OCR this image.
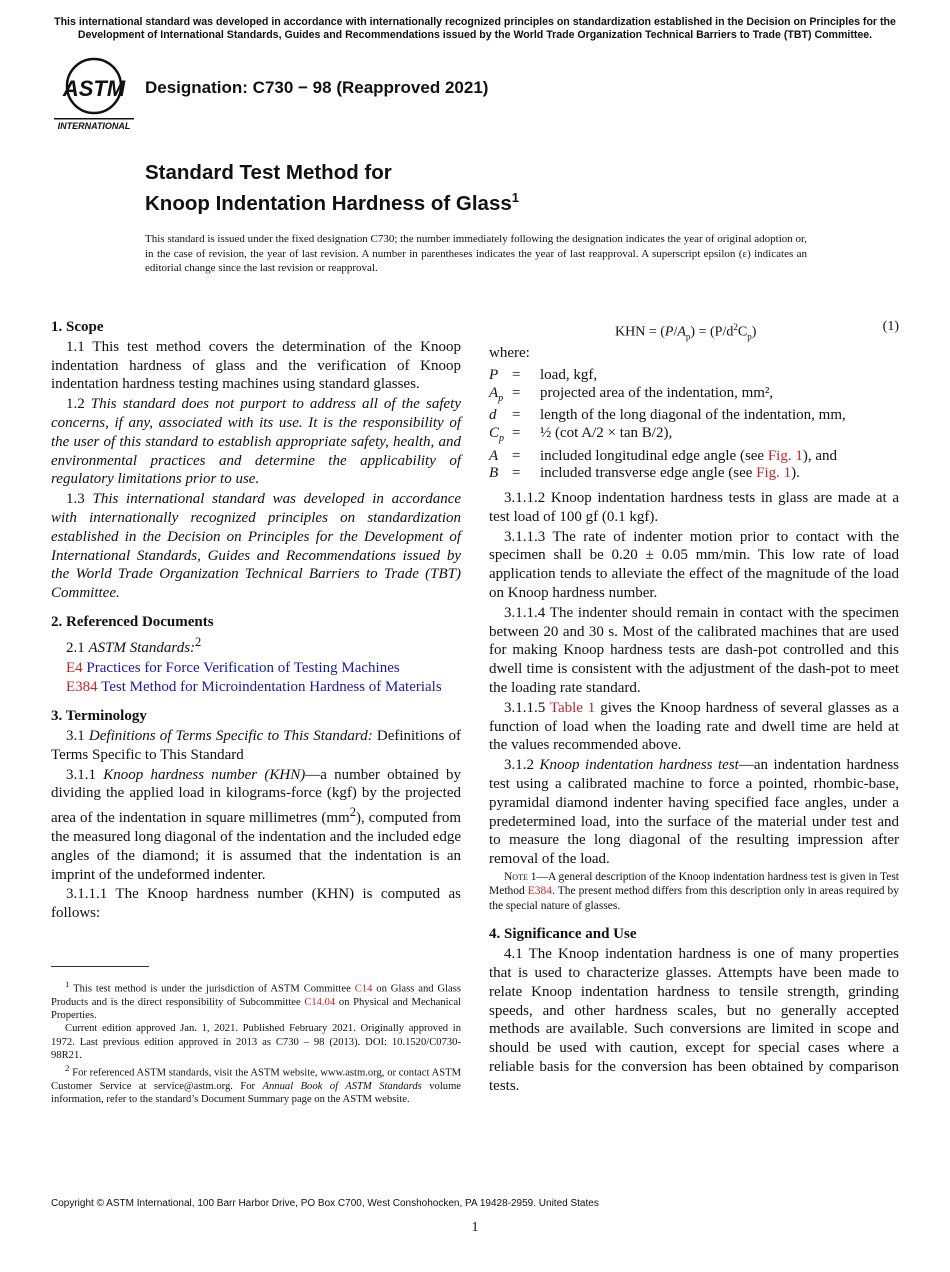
This international standard was developed in accordance with internationally recognized principles on standardization established in the Decision on Principles for the Development of International Standards, Guides and Recommendations issued by the World Trade Organization Technical Barriers to Trade (TBT) Committee.
ASTM
INTERNATIONAL
Designation: C730 − 98 (Reapproved 2021)
Standard Test Method for
Knoop Indentation Hardness of Glass$^1$
This standard is issued under the fixed designation C730; the number immediately following the designation indicates the year of original adoption or, in the case of revision, the year of last revision. A number in parentheses indicates the year of last reapproval. A superscript epsilon (ε) indicates an editorial change since the last revision or reapproval.

1. Scope

1.1 This test method covers the determination of the Knoop indentation hardness of glass and the verification of Knoop indentation hardness testing machines using standard glasses.

1.2 This standard does not purport to address all of the safety concerns, if any, associated with its use. It is the responsibility of the user of this standard to establish appropriate safety, health, and environmental practices and determine the applicability of regulatory limitations prior to use.

1.3 This international standard was developed in accordance with internationally recognized principles on standardization established in the Decision on Principles for the Development of International Standards, Guides and Recommendations issued by the World Trade Organization Technical Barriers to Trade (TBT) Committee.

2. Referenced Documents

2.1 ASTM Standards:$^2$

E4 Practices for Force Verification of Testing Machines

E384 Test Method for Microindentation Hardness of Materials

3. Terminology

3.1 Definitions of Terms Specific to This Standard: Definitions of Terms Specific to This Standard

3.1.1 Knoop hardness number (KHN)—a number obtained by dividing the applied load in kilograms-force (kgf) by the projected area of the indentation in square millimetres $(mm^2)$, computed from the measured long diagonal of the indentation and the included edge angles of the diamond; it is assumed that the indentation is an imprint of the undeformed indenter.

3.1.1.1 The Knoop hardness number (KHN) is computed as follows:

$^1$ This test method is under the jurisdiction of ASTM Committee C14 on Glass and Glass Products and is the direct responsibility of Subcommittee C14.04 on Physical and Mechanical Properties.

Current edition approved Jan. 1, 2021. Published February 2021. Originally approved in 1972. Last previous edition approved in 2013 as C730 – 98 (2013). DOI: 10.1520/C0730-98R21.

$^2$ For referenced ASTM standards, visit the ASTM website, www.astm.org, or contact ASTM Customer Service at service@astm.org. For Annual Book of ASTM Standards volume information, refer to the standard’s Document Summary page on the ASTM website.

KHN = $(P/A_p) = (P/d^2C_p)$	(1)

where:

P	=	load, kgf,
$A_p$	=	projected area of the indentation, mm²,
d	=	length of the long diagonal of the indentation, mm,
$C_p$	=	½ (cot A/2 × tan B/2),
A	=	included longitudinal edge angle (see Fig. 1), and
B	=	included transverse edge angle (see Fig. 1).

3.1.1.2 Knoop indentation hardness tests in glass are made at a test load of 100 gf (0.1 kgf).

3.1.1.3 The rate of indenter motion prior to contact with the specimen shall be 0.20 ± 0.05 mm/min. This low rate of load application tends to alleviate the effect of the magnitude of the load on Knoop hardness number.

3.1.1.4 The indenter should remain in contact with the specimen between 20 and 30 s. Most of the calibrated machines that are used for making Knoop hardness tests are dash-pot controlled and this dwell time is consistent with the adjustment of the dash-pot to meet the loading rate standard.

3.1.1.5 Table 1 gives the Knoop hardness of several glasses as a function of load when the loading rate and dwell time are held at the values recommended above.

3.1.2 Knoop indentation hardness test—an indentation hardness test using a calibrated machine to force a pointed, rhombic-base, pyramidal diamond indenter having specified face angles, under a predetermined load, into the surface of the material under test and to measure the long diagonal of the resulting impression after removal of the load.

Note 1—A general description of the Knoop indentation hardness test is given in Test Method E384. The present method differs from this description only in areas required by the special nature of glasses.

4. Significance and Use

4.1 The Knoop indentation hardness is one of many properties that is used to characterize glasses. Attempts have been made to relate Knoop indentation hardness to tensile strength, grinding speeds, and other hardness scales, but no generally accepted methods are available. Such conversions are limited in scope and should be used with caution, except for special cases where a reliable basis for the conversion has been obtained by comparison tests.

Copyright © ASTM International, 100 Barr Harbor Drive, PO Box C700, West Conshohocken, PA 19428-2959. United States
1
